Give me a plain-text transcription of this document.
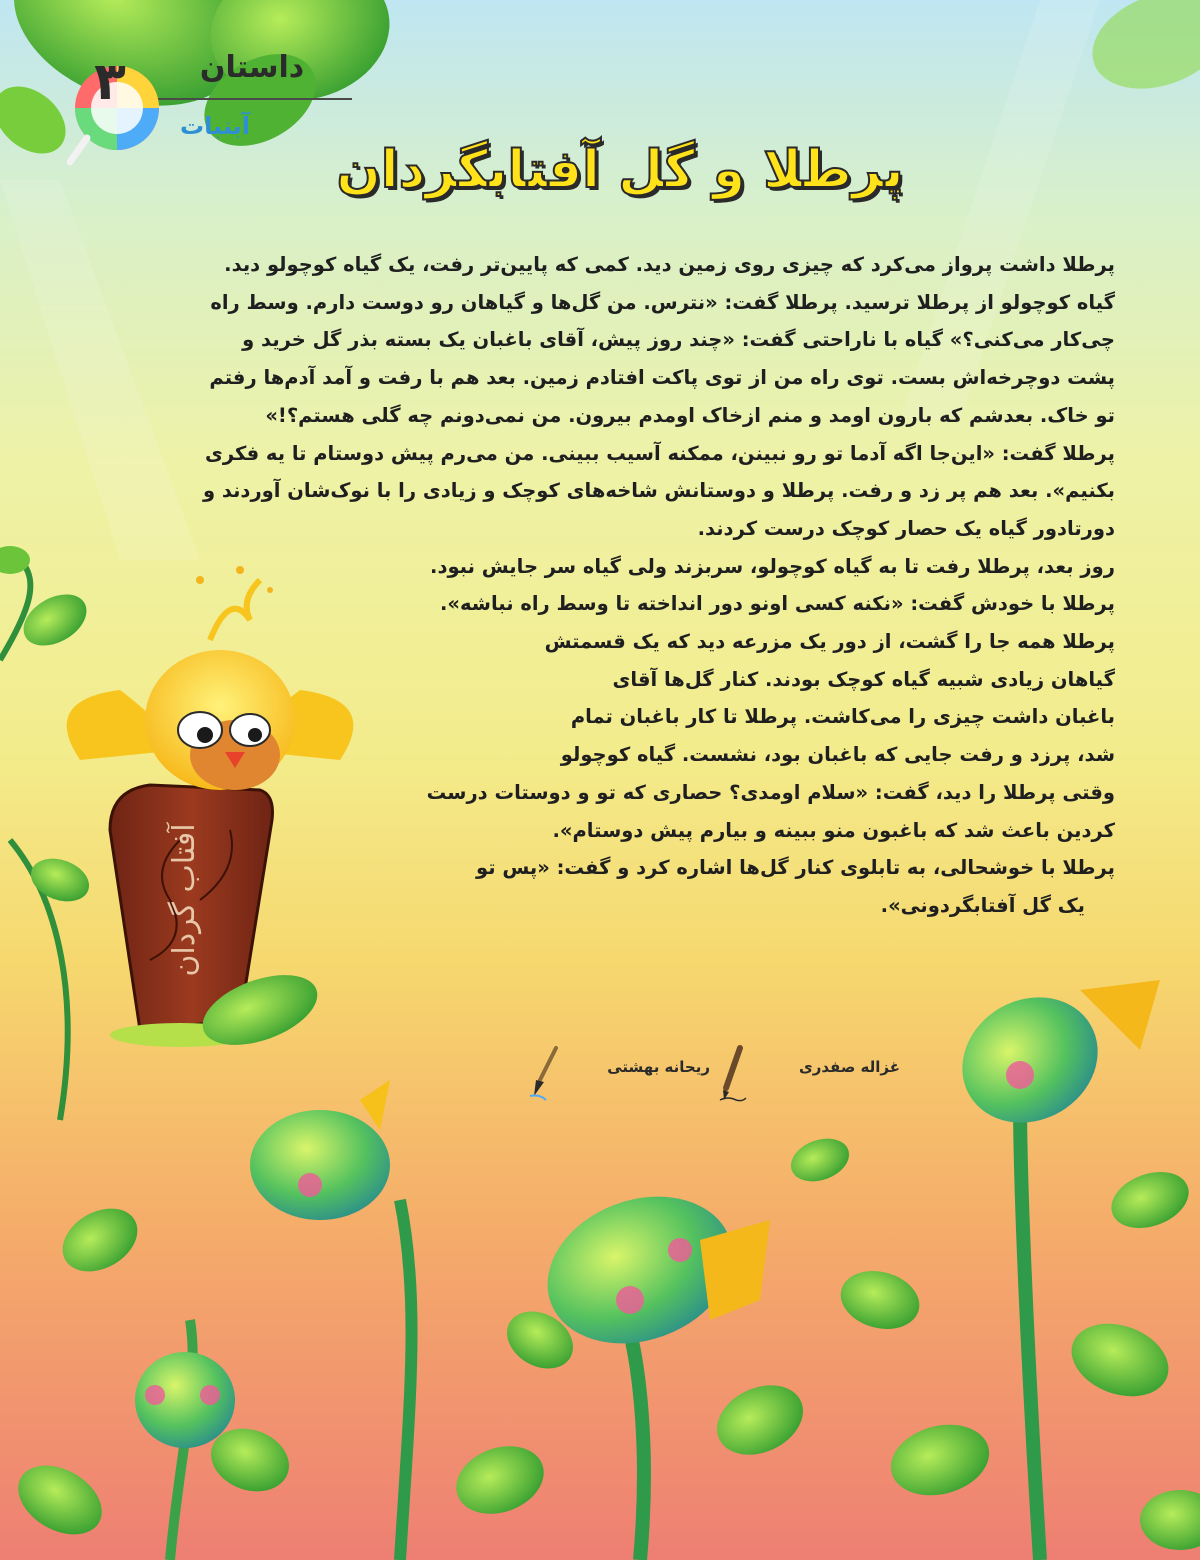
داستان
۳
آبنبات
پرطلا و گل آفتابگردان
پرطلا داشت پرواز می‌کرد که چیزی روی زمین دید. کمی که پایین‌تر رفت، یک گیاه کوچولو دید.
گیاه کوچولو از پرطلا ترسید. پرطلا گفت: «نترس. من گل‌ها و گیاهان رو دوست دارم. وسط راه
چی‌کار می‌کنی؟» گیاه با ناراحتی گفت: «چند روز پیش، آقای باغبان یک بسته بذر گل خرید و
پشت دوچرخه‌اش بست. توی راه من از توی پاکت افتادم زمین. بعد هم با رفت و آمد آدم‌ها رفتم
تو خاک. بعدشم که بارون اومد و منم ازخاک اومدم بیرون. من نمی‌دونم چه گلی هستم؟!»
پرطلا گفت: «این‌جا اگه آدما تو رو نبینن، ممکنه آسیب ببینی. من می‌رم پیش دوستام تا یه فکری
بکنیم». بعد هم پر زد و رفت. پرطلا و دوستانش شاخه‌های کوچک و زیادی را با نوک‌شان آوردند و
دورتادور گیاه یک حصار کوچک درست کردند.
روز بعد، پرطلا رفت تا به گیاه کوچولو، سربزند ولی گیاه سر جایش نبود.
پرطلا با خودش گفت: «نکنه کسی اونو دور انداخته تا وسط راه نباشه».
پرطلا همه جا را گشت، از دور یک مزرعه دید که یک قسمتش
گیاهان زیادی شبیه گیاه کوچک بودند. کنار گل‌ها آقای
باغبان داشت چیزی را می‌کاشت. پرطلا تا کار باغبان تمام
شد، پرزد و رفت جایی که باغبان بود، نشست. گیاه کوچولو
وقتی پرطلا را دید، گفت: «سلام اومدی؟ حصاری که تو و دوستات درست
کردین باعث شد که باغبون منو ببینه و بیارم پیش دوستام».
پرطلا با خوشحالی، به تابلوی کنار گل‌ها اشاره کرد و گفت: «پس تو
یک گل آفتابگردونی».
آفتاب گردان
غزاله صفدری
ریحانه بهشتی
